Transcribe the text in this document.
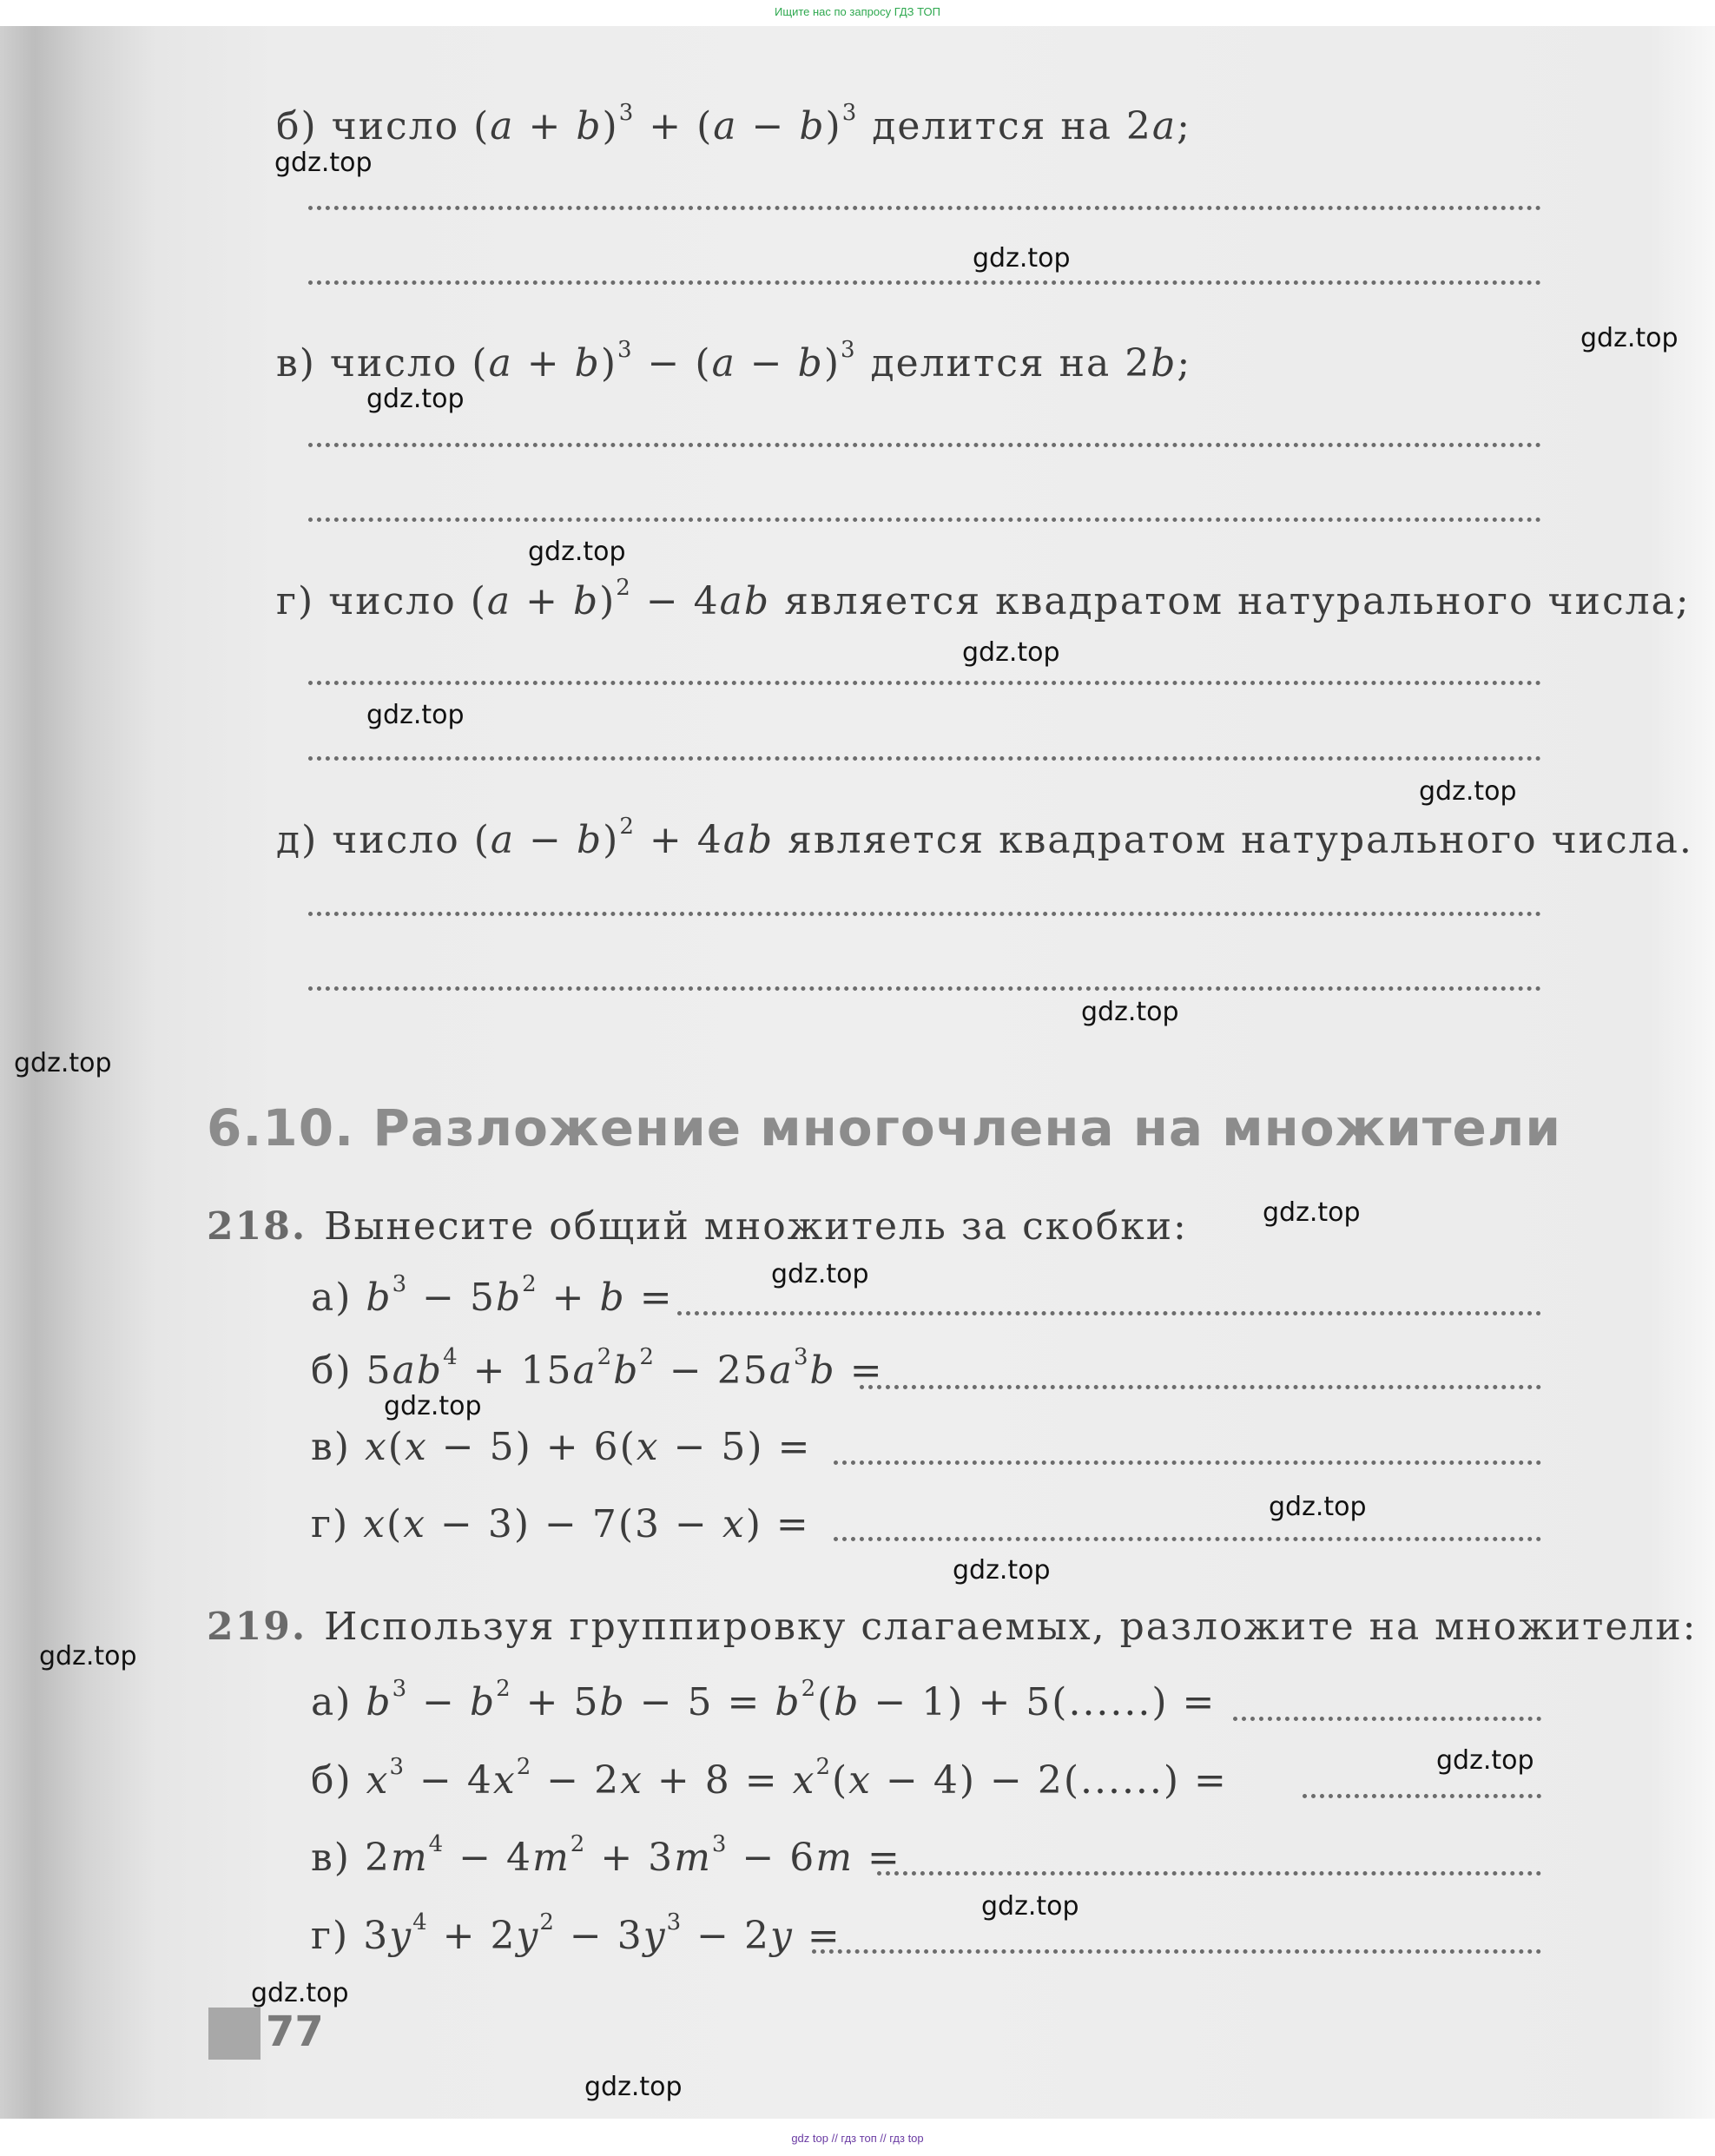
Ищите нас по запросу ГДЗ ТОП
б) число $(a + b)^3 + (a - b)^3$ делится на 2a;
в) число $(a + b)^3 - (a - b)^3$ делится на 2b;
г) число $(a + b)^2 - 4ab$ является квадратом натурального числа;
д) число $(a - b)^2 + 4ab$ является квадратом натурального числа.
6.10. Разложение многочлена на множители
218. Вынесите общий множитель за скобки:
а) $b^3 - 5b^2 + b$ =
б) $5ab^4 + 15a^2b^2 - 25a^3b$ =
в) x(x − 5) + 6(x − 5) =
г) x(x − 3) − 7(3 − x) =
219. Используя группировку слагаемых, разложите на множители:
а) $b^3 - b^2 + 5b - 5 = b^2(b - 1) + 5(......)$ =
б) $x^3 - 4x^2 - 2x + 8 = x^2(x - 4) - 2(......)$ =
в) $2m^4 - 4m^2 + 3m^3 - 6m$ =
г) $3y^4 + 2y^2 - 3y^3 - 2y$ =
77
gdz.top
gdz.top
gdz.top
gdz.top
gdz.top
gdz.top
gdz.top
gdz.top
gdz.top
gdz.top
gdz.top
gdz.top
gdz.top
gdz.top
gdz.top
gdz.top
gdz.top
gdz.top
gdz.top
gdz.top
gdz top // гдз топ // гдз top
